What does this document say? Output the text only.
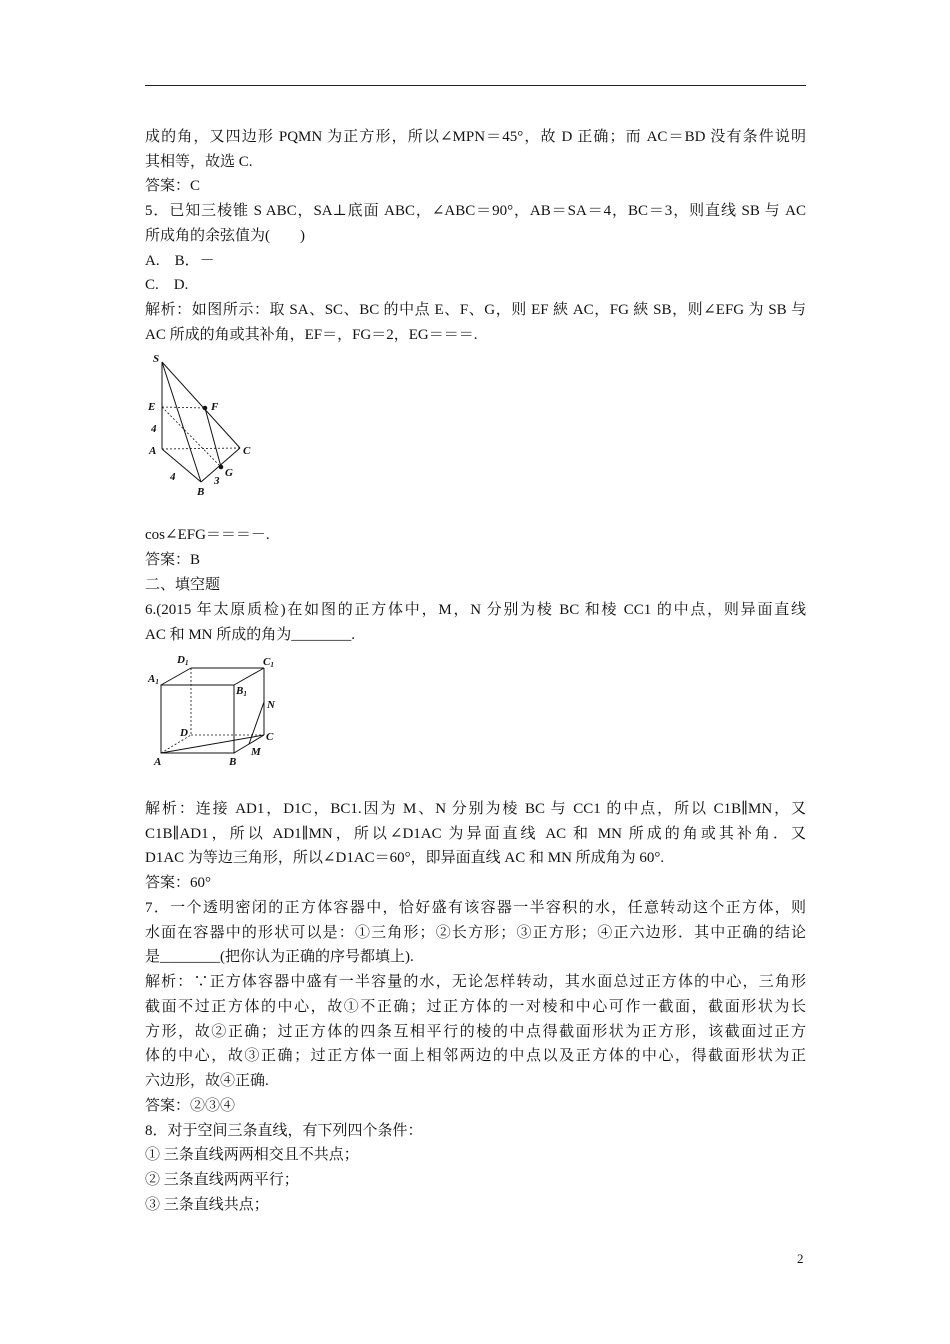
成的角，又四边形 PQMN 为正方形，所以∠MPN＝45°，故 D 正确；而 AC＝BD 没有条件说明
其相等，故选 C.
答案：C
5．已知三棱锥 S ABC，SA⊥底面 ABC，∠ABC＝90°，AB＝SA＝4，BC＝3，则直线 SB 与 AC
所成角的余弦值为(　　)
A.　B．－
C.　D.
解析：如图所示：取 SA、SC、BC 的中点 E、F、G，则 EF 綊 AC，FG 綊 SB，则∠EFG 为 SB 与
AC 所成的角或其补角，EF＝，FG＝2，EG＝＝＝.
S
E	F
4
A	C
G
4	3
B
cos∠EFG＝＝＝－.
答案：B
二、填空题
6.(2015 年太原质检)在如图的正方体中，M，N 分别为棱 BC 和棱 CC1 的中点，则异面直线
AC 和 MN 所成的角为________.
D1	C1
A1
B1
N
D	C
M
A	B
解析：连接 AD1，D1C，BC1.因为 M、N 分别为棱 BC 与 CC1 的中点，所以 C1B∥MN，又
C1B∥AD1，所以 AD1∥MN，所以∠D1AC 为异面直线 AC 和 MN 所成的角或其补角．又
D1AC 为等边三角形，所以∠D1AC＝60°，即异面直线 AC 和 MN 所成角为 60°.
答案：60°
7．一个透明密闭的正方体容器中，恰好盛有该容器一半容积的水，任意转动这个正方体，则
水面在容器中的形状可以是：①三角形；②长方形；③正方形；④正六边形．其中正确的结论
是________(把你认为正确的序号都填上).
解析：∵正方体容器中盛有一半容量的水，无论怎样转动，其水面总过正方体的中心，三角形
截面不过正方体的中心，故①不正确；过正方体的一对棱和中心可作一截面，截面形状为长
方形，故②正确；过正方体的四条互相平行的棱的中点得截面形状为正方形，该截面过正方
体的中心，故③正确；过正方体一面上相邻两边的中点以及正方体的中心，得截面形状为正
六边形，故④正确.
答案：②③④
8．对于空间三条直线，有下列四个条件：
① 三条直线两两相交且不共点；
② 三条直线两两平行；
③ 三条直线共点；
2
